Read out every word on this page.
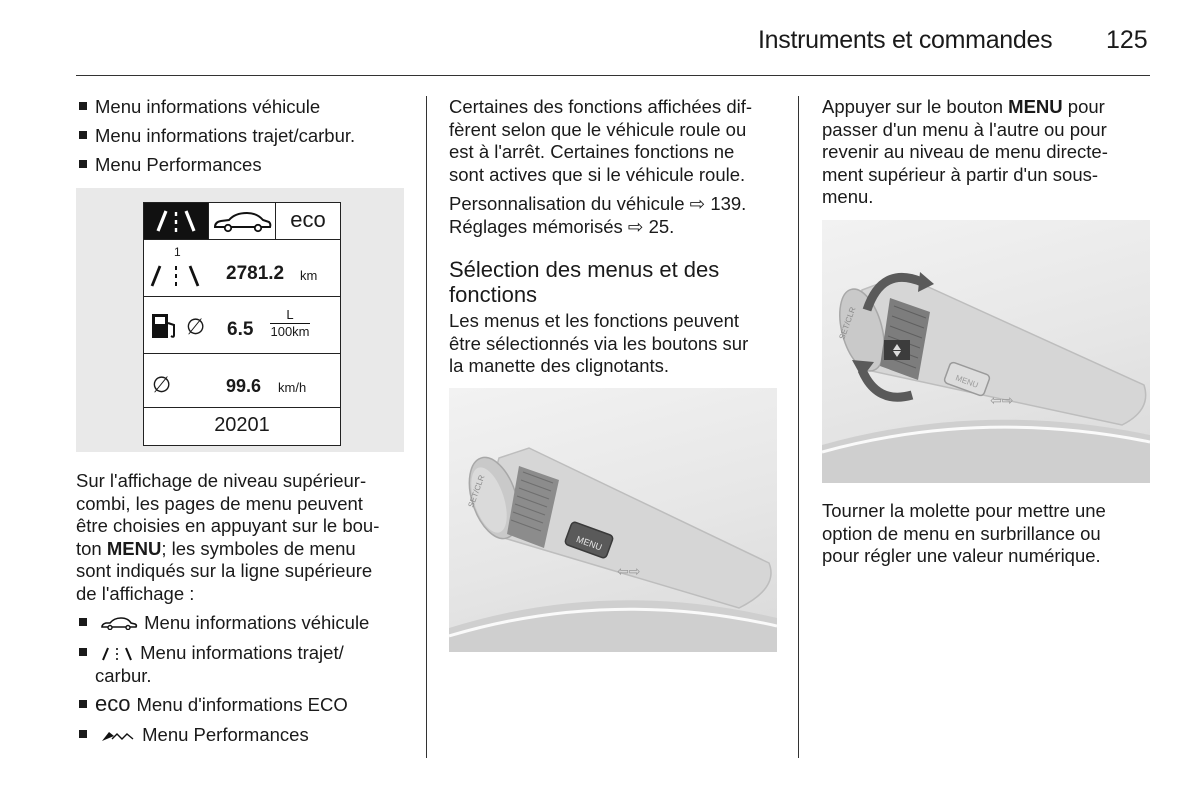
Instruments et commandes 125
Menu informations véhicule
Menu informations trajet/carbur.
Menu Performances
eco
1
2781.2 km
∅ 6.5
L
100km
∅	99.6 km/h
20201
Sur l'affichage de niveau supérieur-
combi, les pages de menu peuvent
être choisies en appuyant sur le bou-
ton MENU; les symboles de menu
sont indiqués sur la ligne supérieure
de l'affichage :
Menu informations véhicule
Menu informations trajet/
carbur.
eco Menu d'informations ECO
Menu Performances
Certaines des fonctions affichées dif-
fèrent selon que le véhicule roule ou
est à l'arrêt. Certaines fonctions ne
sont actives que si le véhicule roule.
Personnalisation du véhicule ⇨ 139.
Réglages mémorisés ⇨ 25.
Sélection des menus et des
fonctions
Les menus et les fonctions peuvent
être sélectionnés via les boutons sur
la manette des clignotants.
MENU
SET/CLR
⇦⇨
Appuyer sur le bouton MENU pour
passer d'un menu à l'autre ou pour
revenir au niveau de menu directe-
ment supérieur à partir d'un sous-
menu.
MENU
SET/CLR
⇦⇨
Tourner la molette pour mettre une
option de menu en surbrillance ou
pour régler une valeur numérique.
